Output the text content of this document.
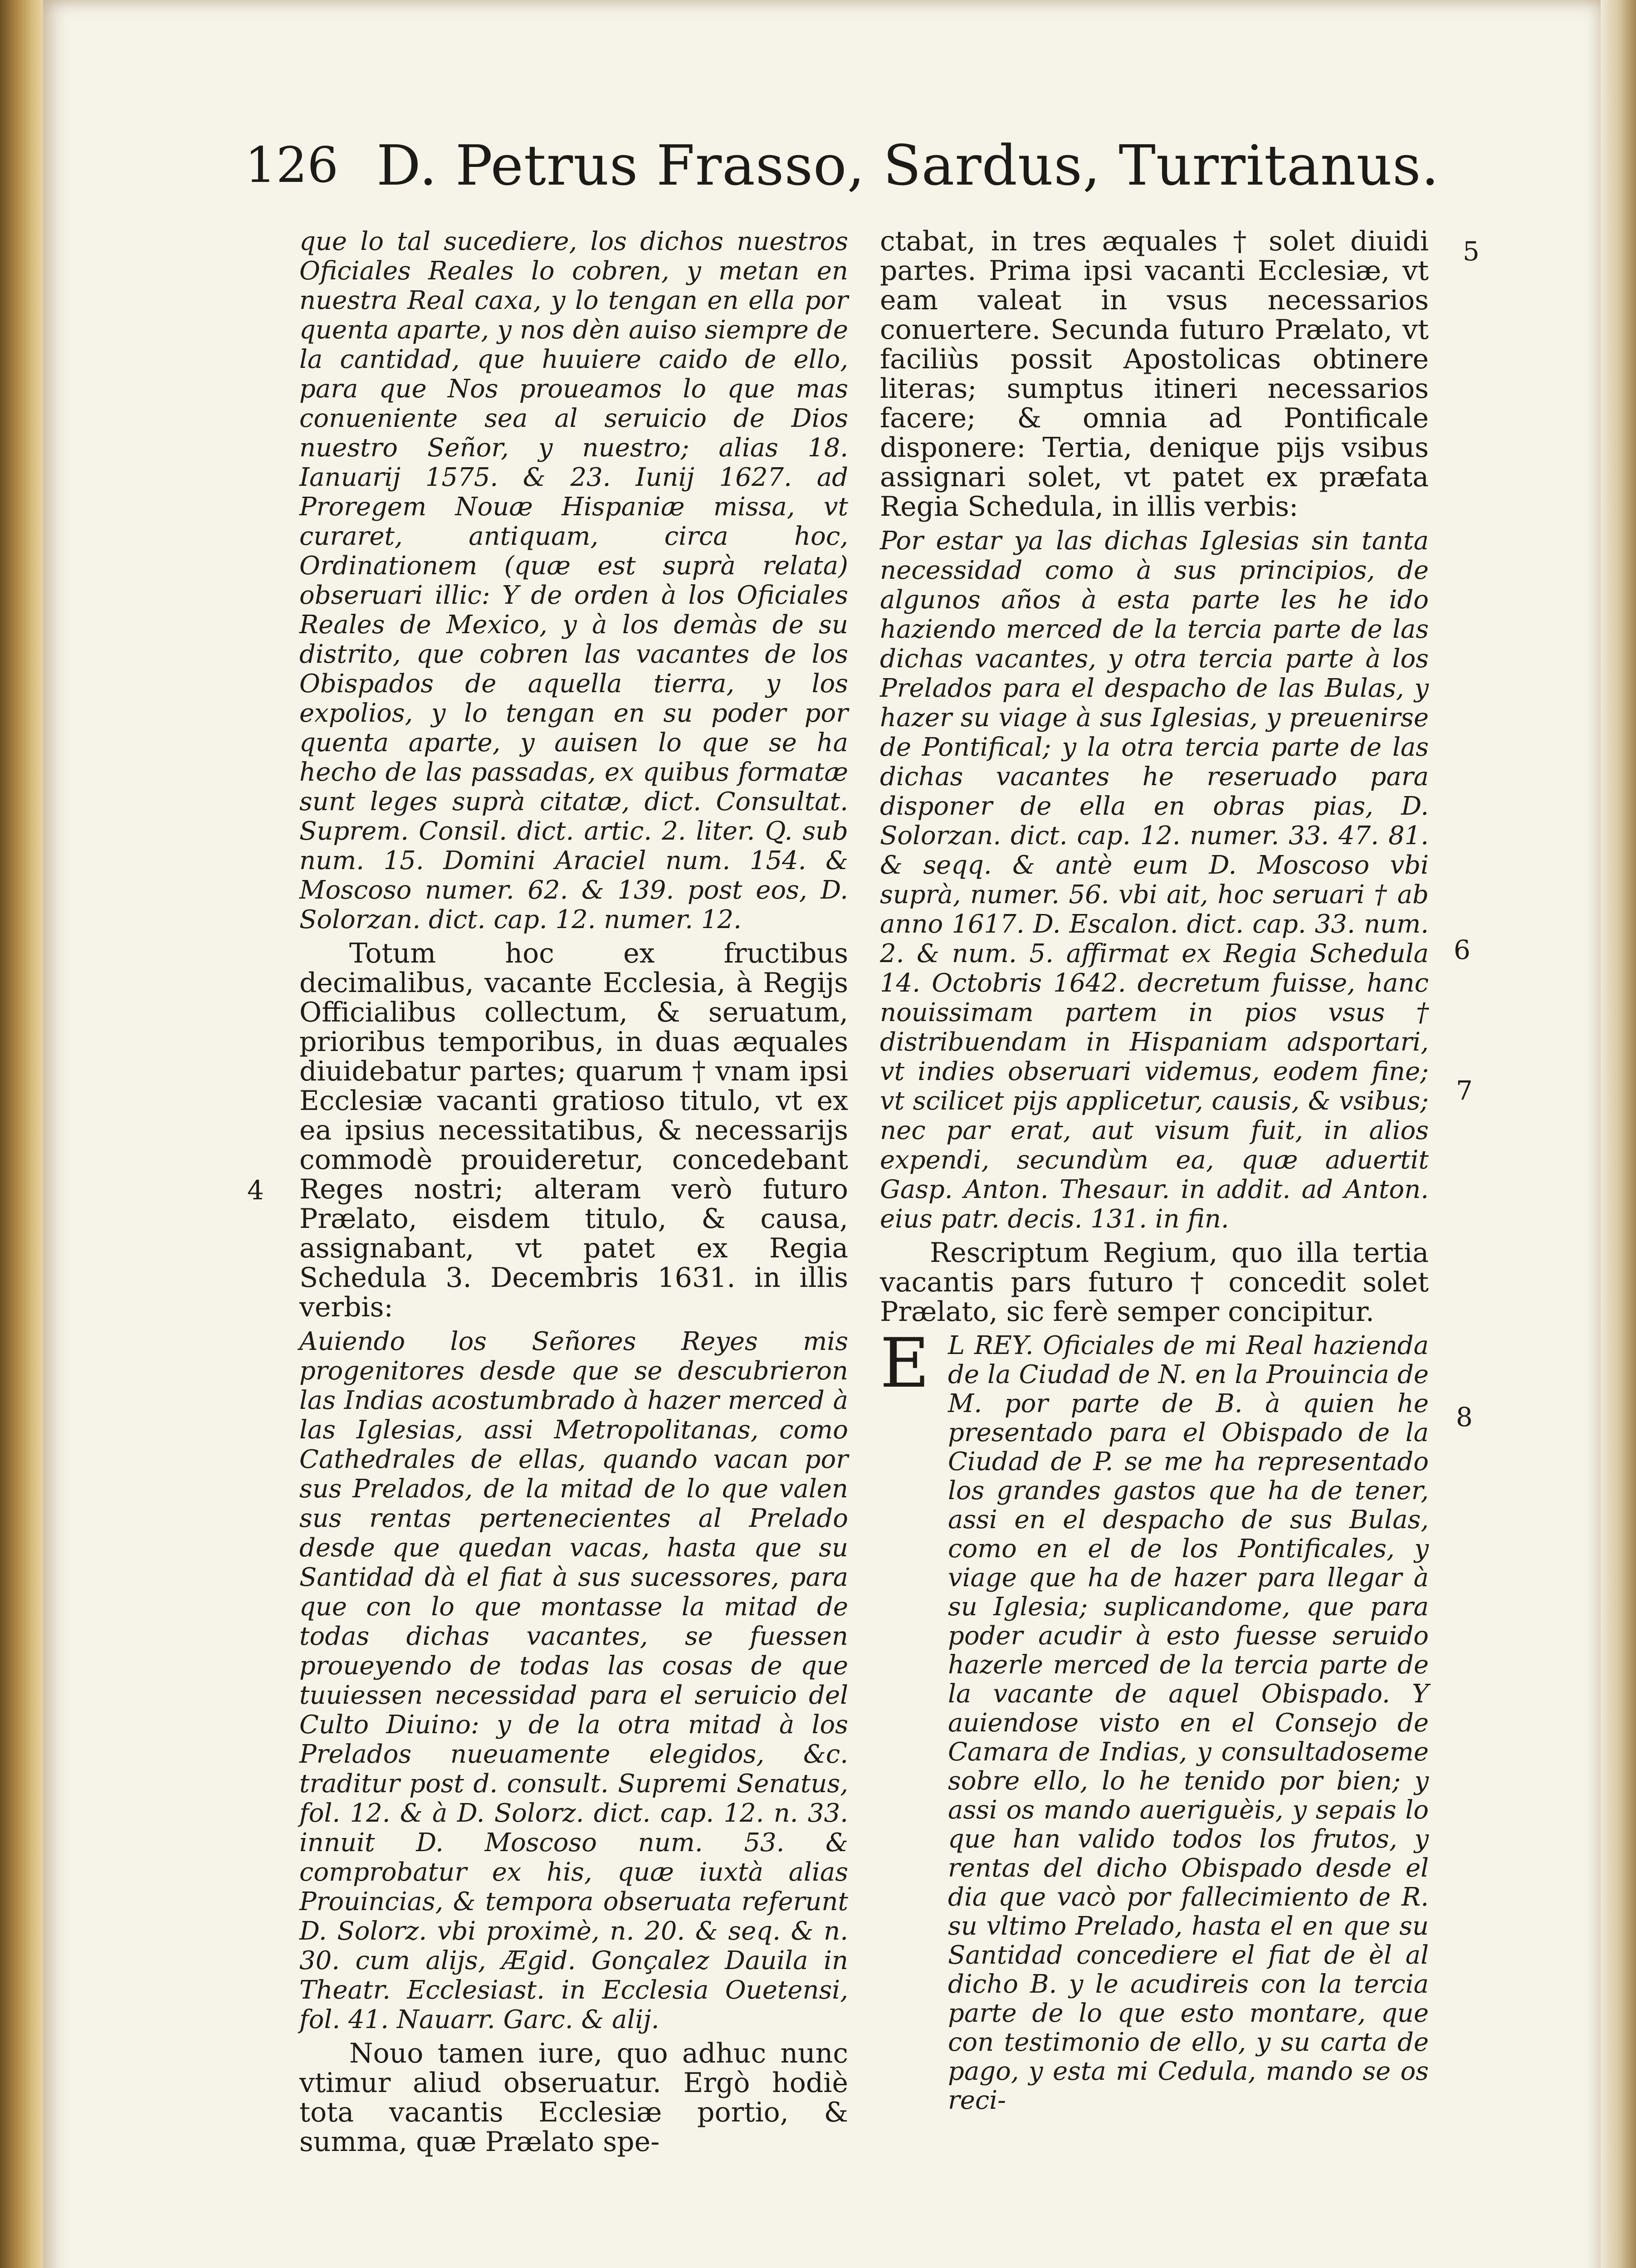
126 D. Petrus Frasso, Sardus, Turritanus.

que lo tal sucediere, los dichos nuestros Oficiales Reales lo cobren, y metan en nuestra Real caxa, y lo tengan en ella por quenta aparte, y nos dèn auiso siempre de la cantidad, que huuiere caido de ello, para que Nos proueamos lo que mas conueniente sea al seruicio de Dios nuestro Señor, y nuestro; alias 18. Ianuarij 1575. & 23. Iunij 1627. ad Proregem Nouæ Hispaniæ missa, vt curaret, antiquam, circa hoc, Ordinationem (quæ est suprà relata) obseruari illic: Y de orden à los Oficiales Reales de Mexico, y à los demàs de su distrito, que cobren las vacantes de los Obispados de aquella tierra, y los expolios, y lo tengan en su poder por quenta aparte, y auisen lo que se ha hecho de las passadas, ex quibus formatæ sunt leges suprà citatæ, dict. Consultat. Suprem. Consil. dict. artic. 2. liter. Q. sub num. 15. Domini Araciel num. 154. & Moscoso numer. 62. & 139. post eos, D. Solorzan. dict. cap. 12. numer. 12.

Totum hoc ex fructibus decimalibus, vacante Ecclesia, à Regijs Officialibus collectum, & seruatum, prioribus temporibus, in duas æquales diuidebatur partes; quarum † vnam ipsi Ecclesiæ vacanti gratioso titulo, vt ex ea ipsius necessitatibus, & necessarijs commodè prouideretur, concedebant Reges nostri; alteram verò futuro Prælato, eisdem titulo, & causa, assignabant, vt patet ex Regia Schedula 3. Decembris 1631. in illis verbis:

Auiendo los Señores Reyes mis progenitores desde que se descubrieron las Indias acostumbrado à hazer merced à las Iglesias, assi Metropolitanas, como Cathedrales de ellas, quando vacan por sus Prelados, de la mitad de lo que valen sus rentas pertenecientes al Prelado desde que quedan vacas, hasta que su Santidad dà el fiat à sus sucessores, para que con lo que montasse la mitad de todas dichas vacantes, se fuessen proueyendo de todas las cosas de que tuuiessen necessidad para el seruicio del Culto Diuino: y de la otra mitad à los Prelados nueuamente elegidos, &c. traditur post d. consult. Supremi Senatus, fol. 12. & à D. Solorz. dict. cap. 12. n. 33. innuit D. Moscoso num. 53. & comprobatur ex his, quæ iuxtà alias Prouincias, & tempora obseruata referunt D. Solorz. vbi proximè, n. 20. & seq. & n. 30. cum alijs, Ægid. Gonçalez Dauila in Theatr. Ecclesiast. in Ecclesia Ouetensi, fol. 41. Nauarr. Garc. & alij.

Nouo tamen iure, quo adhuc nunc vtimur aliud obseruatur. Ergò hodiè tota vacantis Ecclesiæ portio, & summa, quæ Prælato spe-

ctabat, in tres æquales † solet diuidi partes. Prima ipsi vacanti Ecclesiæ, vt eam valeat in vsus necessarios conuertere. Secunda futuro Prælato, vt faciliùs possit Apostolicas obtinere literas; sumptus itineri necessarios facere; & omnia ad Pontificale disponere: Tertia, denique pijs vsibus assignari solet, vt patet ex præfata Regia Schedula, in illis verbis:

Por estar ya las dichas Iglesias sin tanta necessidad como à sus principios, de algunos años à esta parte les he ido haziendo merced de la tercia parte de las dichas vacantes, y otra tercia parte à los Prelados para el despacho de las Bulas, y hazer su viage à sus Iglesias, y preuenirse de Pontifical; y la otra tercia parte de las dichas vacantes he reseruado para disponer de ella en obras pias, D. Solorzan. dict. cap. 12. numer. 33. 47. 81. & seqq. & antè eum D. Moscoso vbi suprà, numer. 56. vbi ait, hoc seruari † ab anno 1617. D. Escalon. dict. cap. 33. num. 2. & num. 5. affirmat ex Regia Schedula 14. Octobris 1642. decretum fuisse, hanc nouissimam partem in pios vsus † distribuendam in Hispaniam adsportari, vt indies obseruari videmus, eodem fine; vt scilicet pijs applicetur, causis, & vsibus; nec par erat, aut visum fuit, in alios expendi, secundùm ea, quæ aduertit Gasp. Anton. Thesaur. in addit. ad Anton. eius patr. decis. 131. in fin.

Rescriptum Regium, quo illa tertia vacantis pars futuro † concedit solet Prælato, sic ferè semper concipitur.

E L REY. Oficiales de mi Real hazienda de la Ciudad de N. en la Prouincia de M. por parte de B. à quien he presentado para el Obispado de la Ciudad de P. se me ha representado los grandes gastos que ha de tener, assi en el despacho de sus Bulas, como en el de los Pontificales, y viage que ha de hazer para llegar à su Iglesia; suplicandome, que para poder acudir à esto fuesse seruido hazerle merced de la tercia parte de la vacante de aquel Obispado. Y auiendose visto en el Consejo de Camara de Indias, y consultadoseme sobre ello, lo he tenido por bien; y assi os mando aueriguèis, y sepais lo que han valido todos los frutos, y rentas del dicho Obispado desde el dia que vacò por fallecimiento de R. su vltimo Prelado, hasta el en que su Santidad concediere el fiat de èl al dicho B. y le acudireis con la tercia parte de lo que esto montare, que con testimonio de ello, y su carta de pago, y esta mi Cedula, mando se os reci-
4
5
6
7
8
